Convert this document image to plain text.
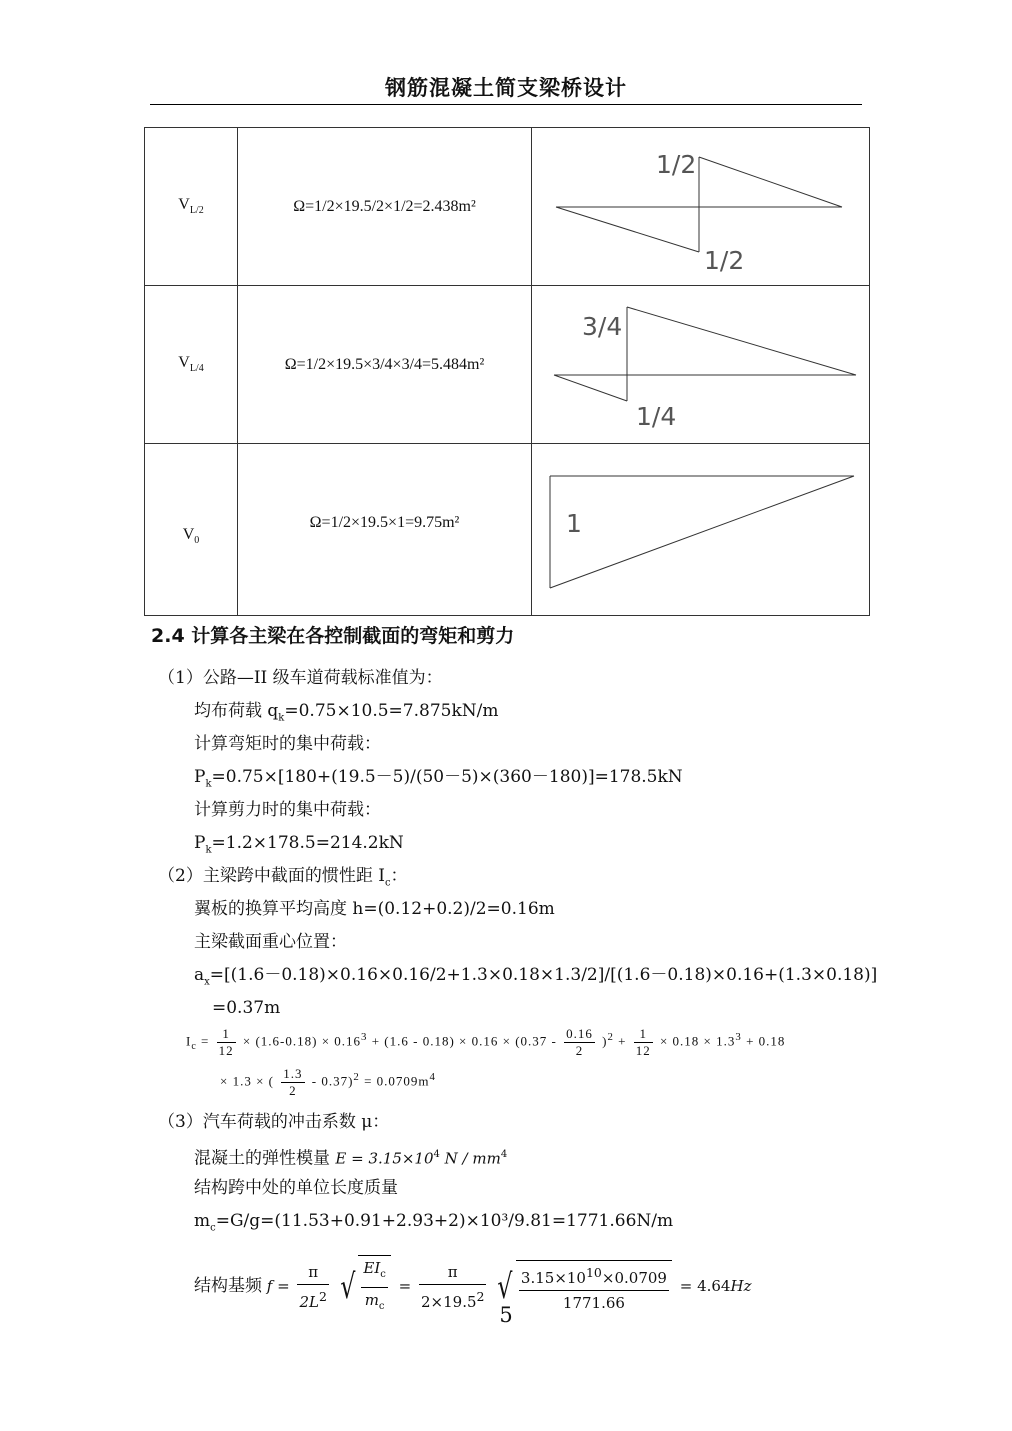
钢筋混凝土简支梁桥设计
$V_{L/2}$	Ω=1/2×19.5/2×1/2=2.438m²	1/2
1/2

$V_{L/4}$	Ω=1/2×19.5×3/4×3/4=5.484m²	3/4
1/4

$V_0$	Ω=1/2×19.5×1=9.75m²	1
2.4 计算各主梁在各控制截面的弯矩和剪力
（1）公路—II 级车道荷载标准值为：
均布荷载 $q_k=0.75\times 10.5=7.875kN/m$
计算弯矩时的集中荷载：
$P_k=0.75\times[180+(19.5-5)/(50-5)\times(360-180)]=178.5kN$
计算剪力时的集中荷载：
$P_k=1.2\times 178.5=214.2kN$
（2）主梁跨中截面的惯性距 $I_c$：
翼板的换算平均高度 h=(0.12+0.2)/2=0.16m
主梁截面重心位置：
$a_x=[(1.6-0.18)\times 0.16\times 0.16/2+1.3\times 0.18\times 1.3/2]/[(1.6-0.18)\times 0.16+(1.3\times 0.18)]$
=0.37m
$I_c = \frac{1}{12} \times (1.6-0.18) \times 0.16^3 + (1.6 - 0.18) \times 0.16 \times (0.37 - \frac{0.16}{2} )^2 + \frac{1}{12} \times 0.18 \times 1.3^3 + 0.18$
× 1.3 × ( $\frac{1.3}{2} - 0.37)^2 = 0.0709m^4$
（3）汽车荷载的冲击系数 μ：
混凝土的弹性模量 $E = 3.15\times 10^4$ N / $mm^4$
结构跨中处的单位长度质量
$m_c=G/g=(11.53+0.91+2.93+2)\times 10^3/9.81=1771.66N/m$
结构基频 $f = \frac{\pi}{2L^2}$ √ $\frac{EI_c}{m_c} = \frac{\pi}{2\times 19.5^2}$ √ $\frac{3.15\times 10^{10}\times 0.0709}{1771.66} = 4.64Hz$
5
